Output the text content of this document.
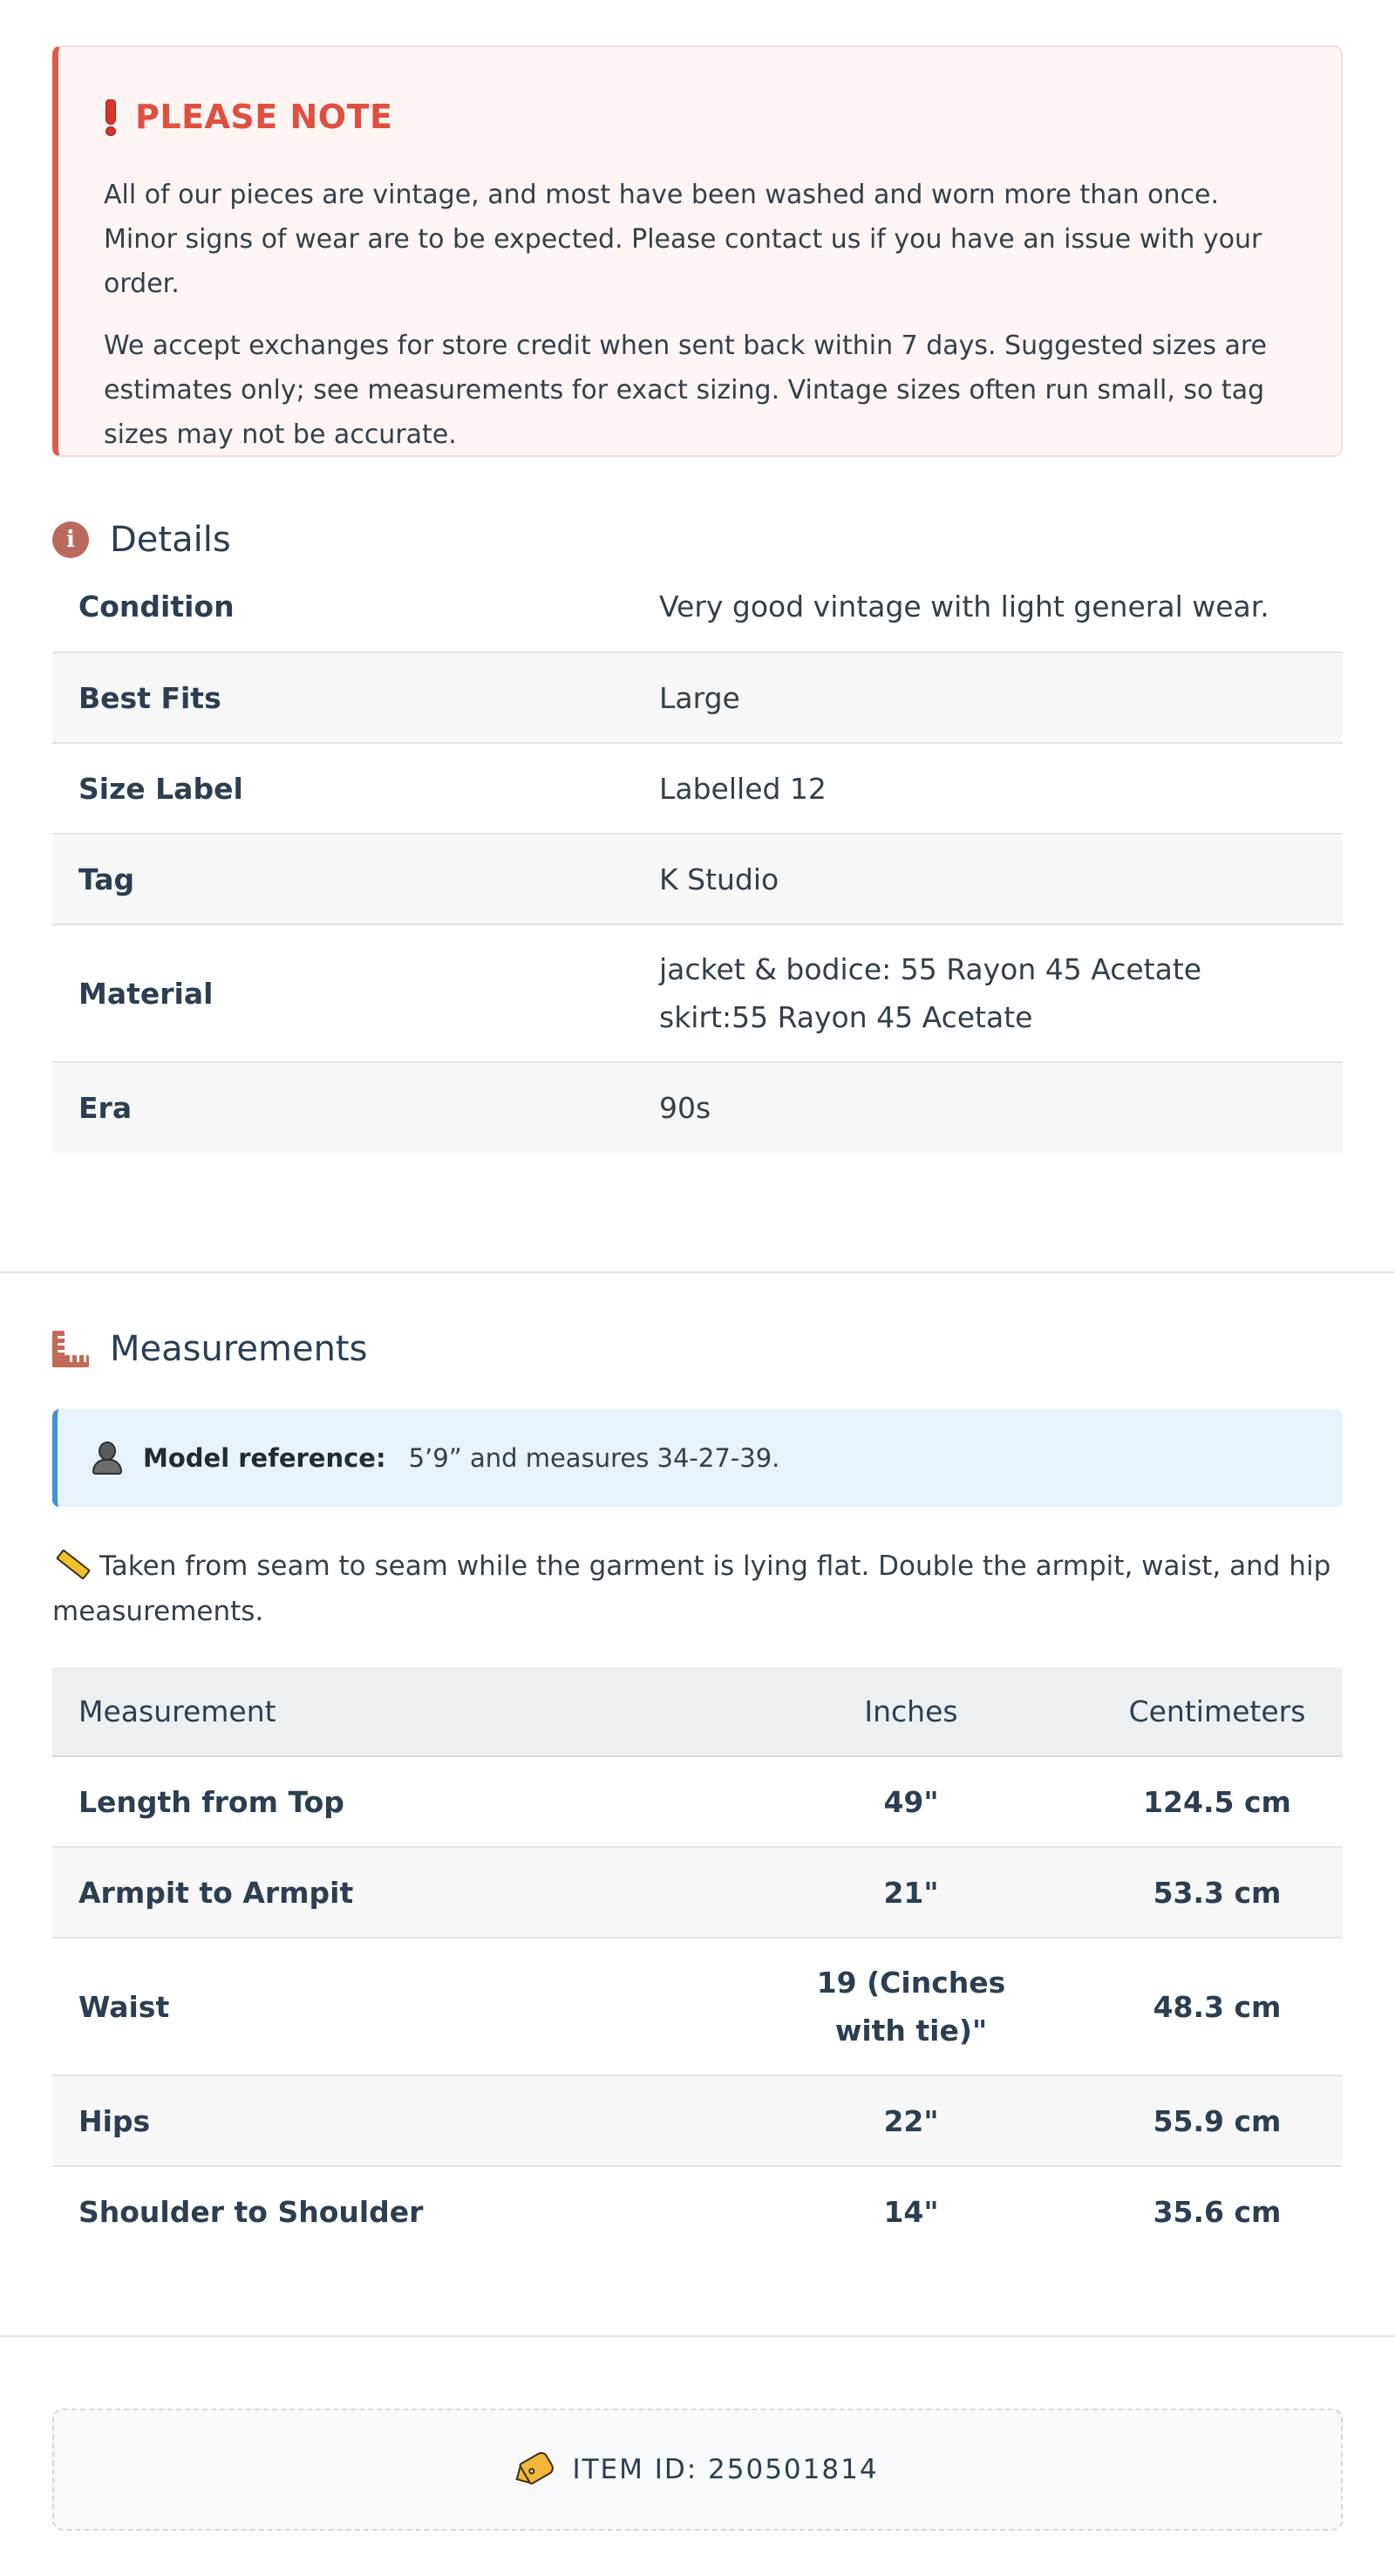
PLEASE NOTE

All of our pieces are vintage, and most have been washed and worn more than once. Minor signs of wear are to be expected. Please contact us if you have an issue with your order.

We accept exchanges for store credit when sent back within 7 days. Suggested sizes are estimates only; see measurements for exact sizing. Vintage sizes often run small, so tag sizes may not be accurate.

i	Details
Condition	Very good vintage with light general wear.
Best Fits	Large
Size Label	Labelled 12
Tag	K Studio
Material	jacket & bodice: 55 Rayon 45 Acetate skirt:55 Rayon 45 Acetate
Era	90s
Measurements
Model reference: 5’9” and measures 34-27-39.
Taken from seam to seam while the garment is lying flat. Double the armpit, waist, and hip measurements.
Measurement	Inches	Centimeters
Length from Top	49"	124.5 cm
Armpit to Armpit	21"	53.3 cm
Waist	19 (Cinches with tie)"	48.3 cm
Hips	22"	55.9 cm
Shoulder to Shoulder	14"	35.6 cm
ITEM ID: 250501814
